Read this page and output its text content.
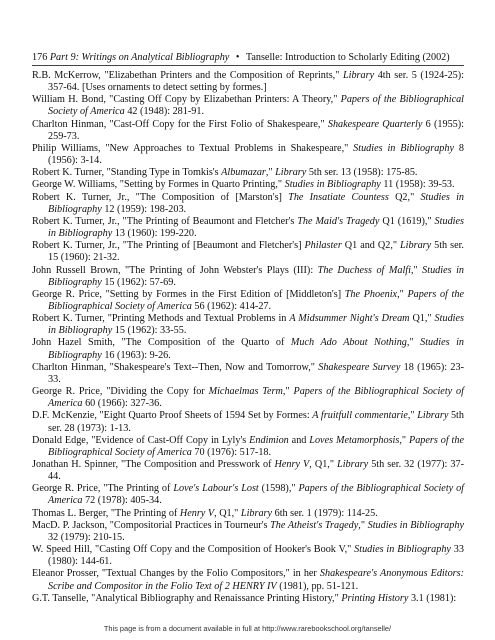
176 Part 9: Writings on Analytical Bibliography • Tanselle: Introduction to Scholarly Editing (2002)
R.B. McKerrow, "Elizabethan Printers and the Composition of Reprints," Library 4th ser. 5 (1924-25): 357-64. [Uses ornaments to detect setting by formes.]
William H. Bond, "Casting Off Copy by Elizabethan Printers: A Theory," Papers of the Bibliographical Society of America 42 (1948): 281-91.
Charlton Hinman, "Cast-Off Copy for the First Folio of Shakespeare," Shakespeare Quarterly 6 (1955): 259-73.
Philip Williams, "New Approaches to Textual Problems in Shakespeare," Studies in Bibliography 8 (1956): 3-14.
Robert K. Turner, "Standing Type in Tomkis's Albumazar," Library 5th ser. 13 (1958): 175-85.
George W. Williams, "Setting by Formes in Quarto Printing," Studies in Bibliography 11 (1958): 39-53.
Robert K. Turner, Jr., "The Composition of [Marston's] The Insatiate Countess Q2," Studies in Bibliography 12 (1959): 198-203.
Robert K. Turner, Jr., "The Printing of Beaumont and Fletcher's The Maid's Tragedy Q1 (1619)," Studies in Bibliography 13 (1960): 199-220.
Robert K. Turner, Jr., "The Printing of [Beaumont and Fletcher's] Philaster Q1 and Q2," Library 5th ser. 15 (1960): 21-32.
John Russell Brown, "The Printing of John Webster's Plays (III): The Duchess of Malfi," Studies in Bibliography 15 (1962): 57-69.
George R. Price, "Setting by Formes in the First Edition of [Middleton's] The Phoenix," Papers of the Bibliographical Society of America 56 (1962): 414-27.
Robert K. Turner, "Printing Methods and Textual Problems in A Midsummer Night's Dream Q1," Studies in Bibliography 15 (1962): 33-55.
John Hazel Smith, "The Composition of the Quarto of Much Ado About Nothing," Studies in Bibliography 16 (1963): 9-26.
Charlton Hinman, "Shakespeare's Text--Then, Now and Tomorrow," Shakespeare Survey 18 (1965): 23-33.
George R. Price, "Dividing the Copy for Michaelmas Term," Papers of the Bibliographical Society of America 60 (1966): 327-36.
D.F. McKenzie, "Eight Quarto Proof Sheets of 1594 Set by Formes: A fruitfull commentarie," Library 5th ser. 28 (1973): 1-13.
Donald Edge, "Evidence of Cast-Off Copy in Lyly's Endimion and Loves Metamorphosis," Papers of the Bibliographical Society of America 70 (1976): 517-18.
Jonathan H. Spinner, "The Composition and Presswork of Henry V, Q1," Library 5th ser. 32 (1977): 37-44.
George R. Price, "The Printing of Love's Labour's Lost (1598)," Papers of the Bibliographical Society of America 72 (1978): 405-34.
Thomas L. Berger, "The Printing of Henry V, Q1," Library 6th ser. 1 (1979): 114-25.
MacD. P. Jackson, "Compositorial Practices in Tourneur's The Atheist's Tragedy," Studies in Bibliography 32 (1979): 210-15.
W. Speed Hill, "Casting Off Copy and the Composition of Hooker's Book V," Studies in Bibliography 33 (1980): 144-61.
Eleanor Prosser, "Textual Changes by the Folio Compositors," in her Shakespeare's Anonymous Editors: Scribe and Compositor in the Folio Text of 2 HENRY IV (1981), pp. 51-121.
G.T. Tanselle, "Analytical Bibliography and Renaissance Printing History," Printing History 3.1 (1981):
This page is from a document available in full at http://www.rarebookschool.org/tanselle/
